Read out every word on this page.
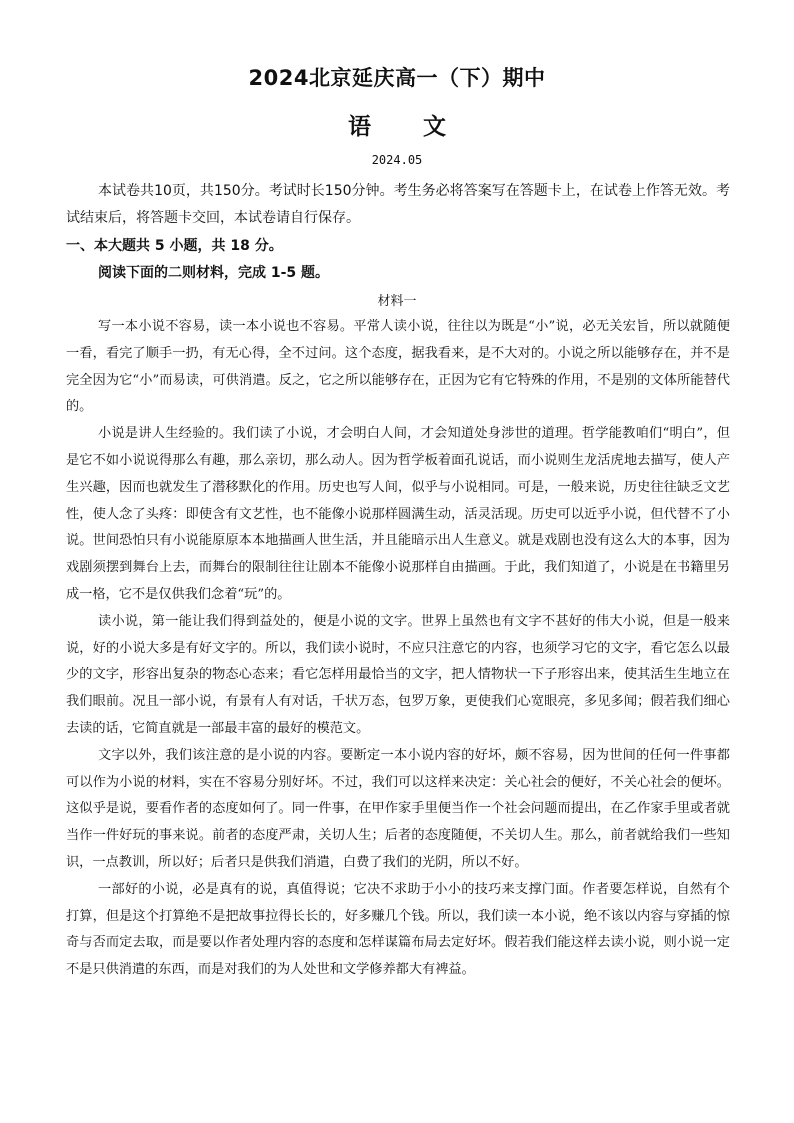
2024北京延庆高一（下）期中
语 文
2024.05
本试卷共10页，共150分。考试时长150分钟。考生务必将答案写在答题卡上，在试卷上作答无效。考试结束后，将答题卡交回，本试卷请自行保存。
一、本大题共 5 小题，共 18 分。
阅读下面的二则材料，完成 1-5 题。
材料一

写一本小说不容易，读一本小说也不容易。平常人读小说，往往以为既是“小”说，必无关宏旨，所以就随便一看，看完了顺手一扔，有无心得，全不过问。这个态度，据我看来，是不大对的。小说之所以能够存在，并不是完全因为它“小”而易读，可供消遣。反之，它之所以能够存在，正因为它有它特殊的作用，不是别的文体所能替代的。

小说是讲人生经验的。我们读了小说，才会明白人间，才会知道处身涉世的道理。哲学能教咱们“明白”，但是它不如小说说得那么有趣，那么亲切，那么动人。因为哲学板着面孔说话，而小说则生龙活虎地去描写，使人产生兴趣，因而也就发生了潜移默化的作用。历史也写人间，似乎与小说相同。可是，一般来说，历史往往缺乏文艺性，使人念了头疼：即使含有文艺性，也不能像小说那样圆满生动，活灵活现。历史可以近乎小说，但代替不了小说。世间恐怕只有小说能原原本本地描画人世生活，并且能暗示出人生意义。就是戏剧也没有这么大的本事，因为戏剧须摆到舞台上去，而舞台的限制往往让剧本不能像小说那样自由描画。于此，我们知道了，小说是在书籍里另成一格，它不是仅供我们念着“玩”的。

读小说，第一能让我们得到益处的，便是小说的文字。世界上虽然也有文字不甚好的伟大小说，但是一般来说，好的小说大多是有好文字的。所以，我们读小说时，不应只注意它的内容，也须学习它的文字，看它怎么以最少的文字，形容出复杂的物态心态来；看它怎样用最恰当的文字，把人情物状一下子形容出来，使其活生生地立在我们眼前。况且一部小说，有景有人有对话，千状万态，包罗万象，更使我们心宽眼亮，多见多闻；假若我们细心去读的话，它简直就是一部最丰富的最好的模范文。

文字以外，我们该注意的是小说的内容。要断定一本小说内容的好坏，颇不容易，因为世间的任何一件事都可以作为小说的材料，实在不容易分别好坏。不过，我们可以这样来决定：关心社会的便好，不关心社会的便坏。这似乎是说，要看作者的态度如何了。同一件事，在甲作家手里便当作一个社会问题而提出，在乙作家手里或者就当作一件好玩的事来说。前者的态度严肃，关切人生；后者的态度随便，不关切人生。那么，前者就给我们一些知识，一点教训，所以好；后者只是供我们消遣，白费了我们的光阴，所以不好。

一部好的小说，必是真有的说，真值得说；它决不求助于小小的技巧来支撑门面。作者要怎样说，自然有个打算，但是这个打算绝不是把故事拉得长长的，好多赚几个钱。所以，我们读一本小说，绝不该以内容与穿插的惊奇与否而定去取，而是要以作者处理内容的态度和怎样谋篇布局去定好坏。假若我们能这样去读小说，则小说一定不是只供消遣的东西，而是对我们的为人处世和文学修养都大有裨益。
